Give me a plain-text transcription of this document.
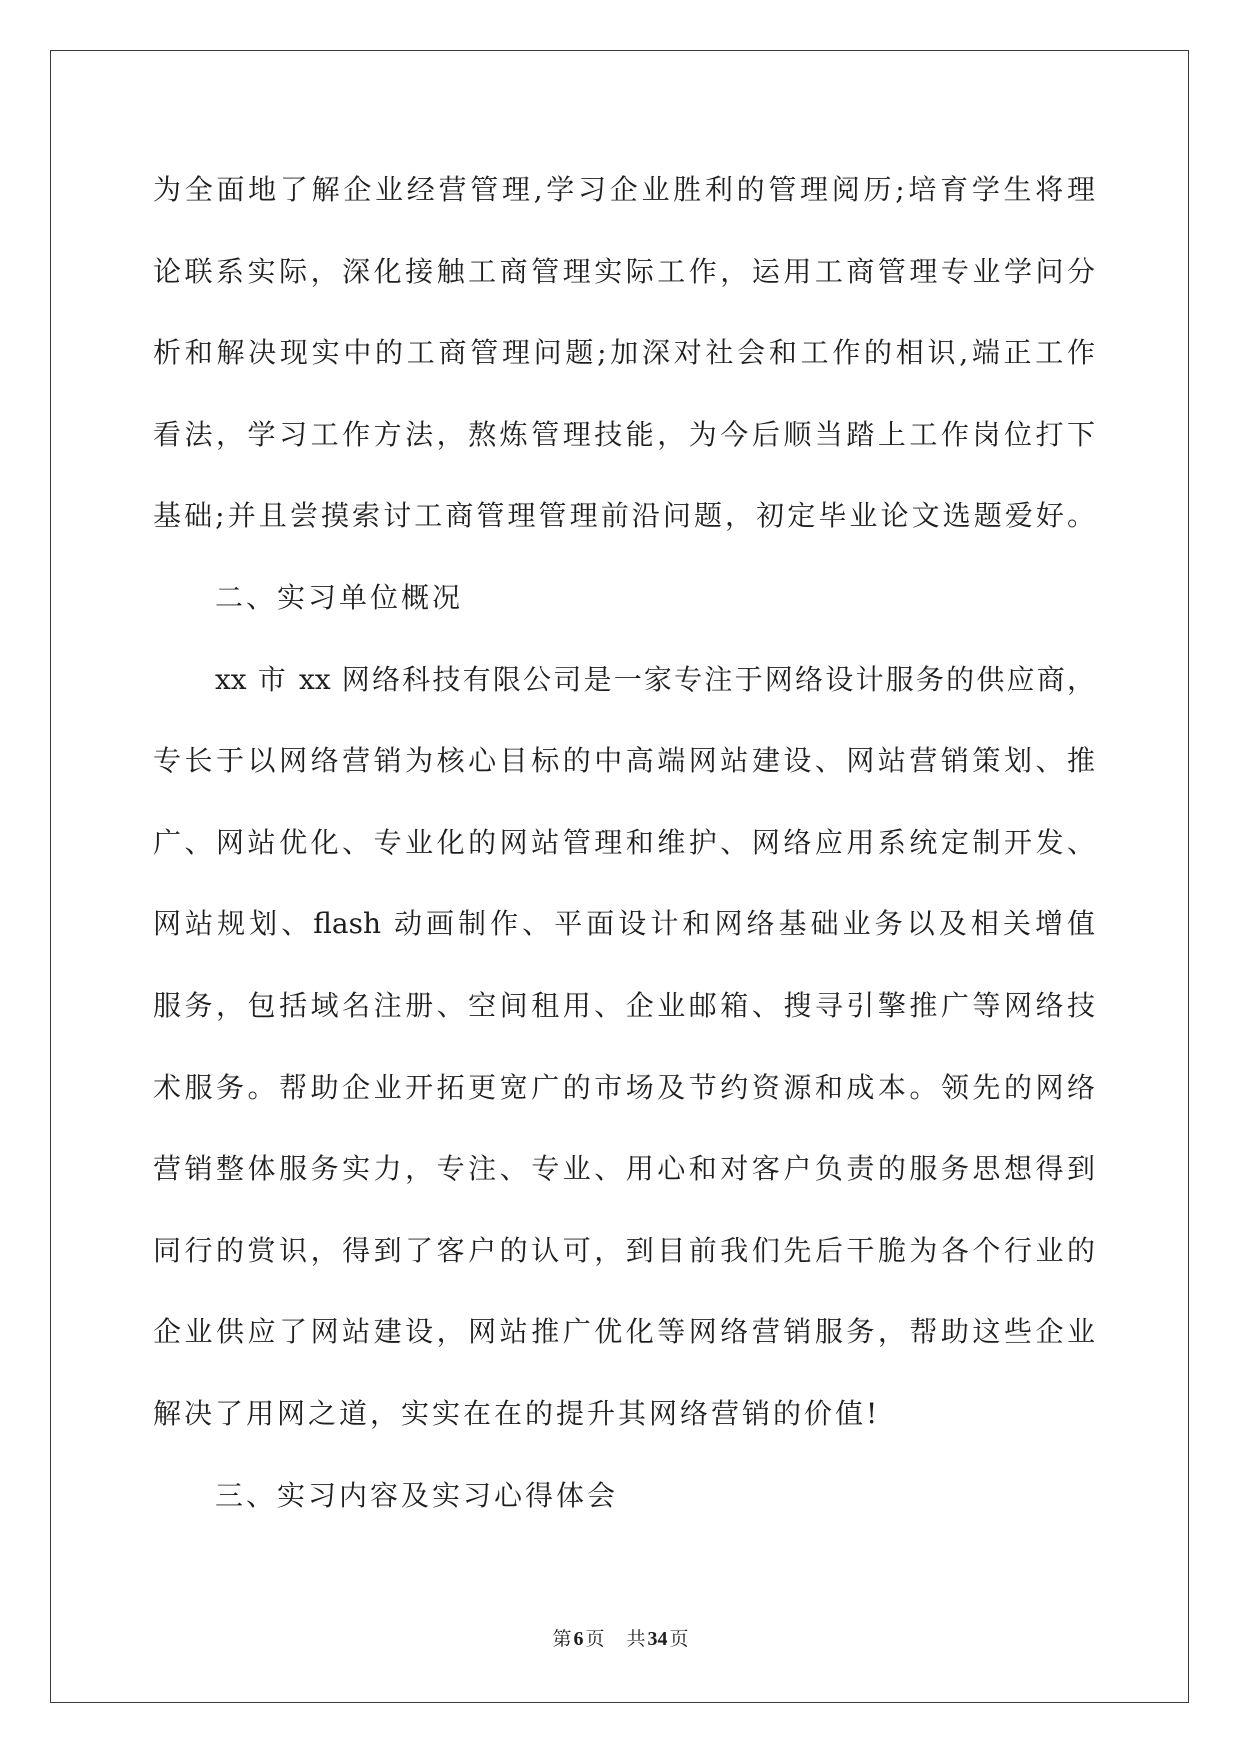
为全面地了解企业经营管理,学习企业胜利的管理阅历;培育学生将理
论联系实际，深化接触工商管理实际工作，运用工商管理专业学问分
析和解决现实中的工商管理问题;加深对社会和工作的相识,端正工作
看法，学习工作方法，熬炼管理技能，为今后顺当踏上工作岗位打下
基础;并且尝摸索讨工商管理管理前沿问题，初定毕业论文选题爱好。
二、实习单位概况
xx 市 xx 网络科技有限公司是一家专注于网络设计服务的供应商，
专长于以网络营销为核心目标的中高端网站建设、网站营销策划、推
广、网站优化、专业化的网站管理和维护、网络应用系统定制开发、
网站规划、flash 动画制作、平面设计和网络基础业务以及相关增值
服务，包括域名注册、空间租用、企业邮箱、搜寻引擎推广等网络技
术服务。帮助企业开拓更宽广的市场及节约资源和成本。领先的网络
营销整体服务实力，专注、专业、用心和对客户负责的服务思想得到
同行的赏识，得到了客户的认可，到目前我们先后干脆为各个行业的
企业供应了网站建设，网站推广优化等网络营销服务，帮助这些企业
解决了用网之道，实实在在的提升其网络营销的价值!
三、实习内容及实习心得体会
第 6 页 共 34 页
